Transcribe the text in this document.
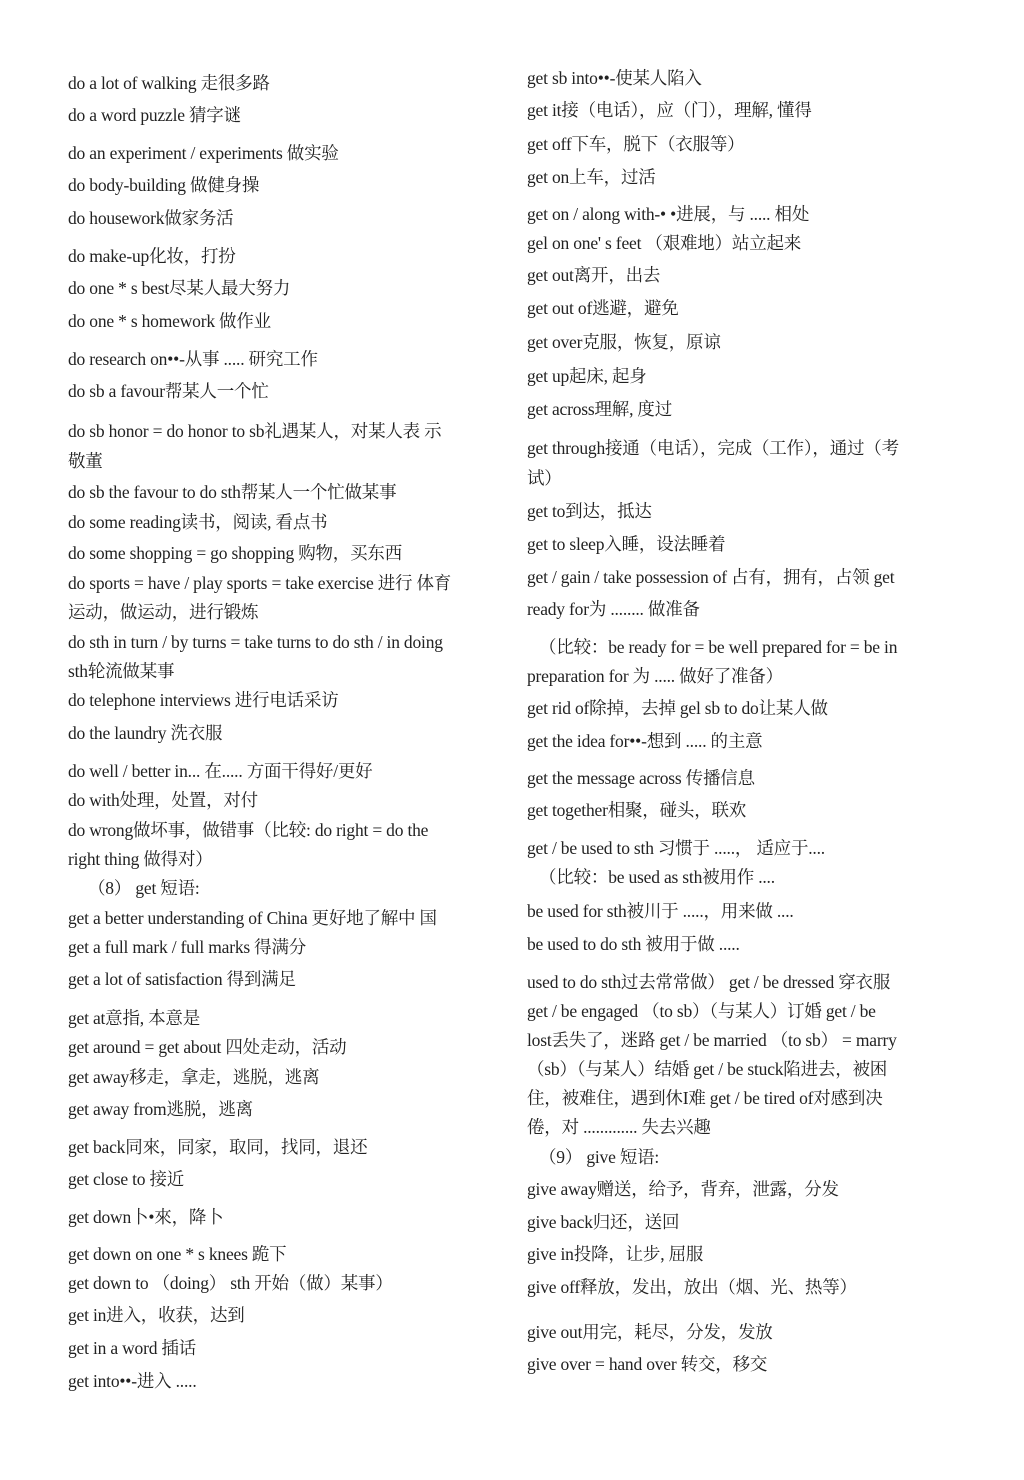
do a lot of walking 走很多路
do a word puzzle 猜字谜
do an experiment / experiments 做实验
do body-building 做健身操
do housework做家务活
do make-up化妆，打扮
do one * s best尽某人最大努力
do one * s homework 做作业
do research on••-从事 ..... 研究工作
do sb a favour帮某人一个忙
do sb honor = do honor to sb礼遇某人，对某人表 示
敬董
do sb the favour to do sth帮某人一个忙做某事
do some reading读书，阅读, 看点书
do some shopping = go shopping 购物，买东西
do sports = have / play sports = take exercise 进行 体育
运动，做运动，进行锻炼
do sth in turn / by turns = take turns to do sth / in doing
sth轮流做某事
do telephone interviews 进行电话采访
do the laundry 洗衣服
do well / better in... 在..... 方面干得好/更好
do with处理，处置，对付
do wrong做坏事，做错事（比较: do right = do the
right thing 做得对）
（8） get 短语:
get a better understanding of China 更好地了解中 国
get a full mark / full marks 得满分
get a lot of satisfaction 得到满足
get at意指, 本意是
get around = get about 四处走动，活动
get away移走，拿走，逃脱，逃离
get away from逃脱，逃离
get back同來，同家，取同，找同，退还
get close to 接近
get down卜•來，降卜
get down on one * s knees 跪下
get down to （doing） sth 开始（做）某事）
get in进入，收获，达到
get in a word 插话
get into••-进入 .....
get sb into••-使某人陷入
get it接（电话），应（门），理解, 懂得
get off下车，脱下（衣服等）
get on上车，过活
get on / along with-• •进展，与 ..... 相处
gel on one' s feet （艰难地）站立起来
get out离开，出去
get out of逃避，避免
get over克服，恢复，原谅
get up起床, 起身
get across理解, 度过
get through接通（电话），完成（工作），通过（考
试）
get to到达，抵达
get to sleep入睡，设法睡着
get / gain / take possession of 占有，拥有，占领 get
ready for为 ........ 做准备
（比较：be ready for = be well prepared for = be in
preparation for 为 ..... 做好了准备）
get rid of除掉，去掉 gel sb to do让某人做
get the idea for••-想到 ..... 的主意
get the message across 传播信息
get together相聚，碰头，联欢
get / be used to sth 习惯于 .....， 适应于....
（比较：be used as sth被用作 ....
be used for sth被川于 .....，用来做 ....
be used to do sth 被用于做 .....
used to do sth过去常常做） get / be dressed 穿衣服
get / be engaged （to sb）（与某人）订婚 get / be
lost丢失了，迷路 get / be married （to sb） = marry
（sb）（与某人）结婚 get / be stuck陷进去，被困
住，被难住，遇到休I难 get / be tired of对感到决
倦，对 ............. 失去兴趣
（9） give 短语:
give away赠送，给予，背弃，泄露，分发
give back归还，送回
give in投降，让步, 屈服
give off释放，发出，放出（烟、光、热等）
give out用完，耗尽，分发，发放
give over = hand over 转交，移交
